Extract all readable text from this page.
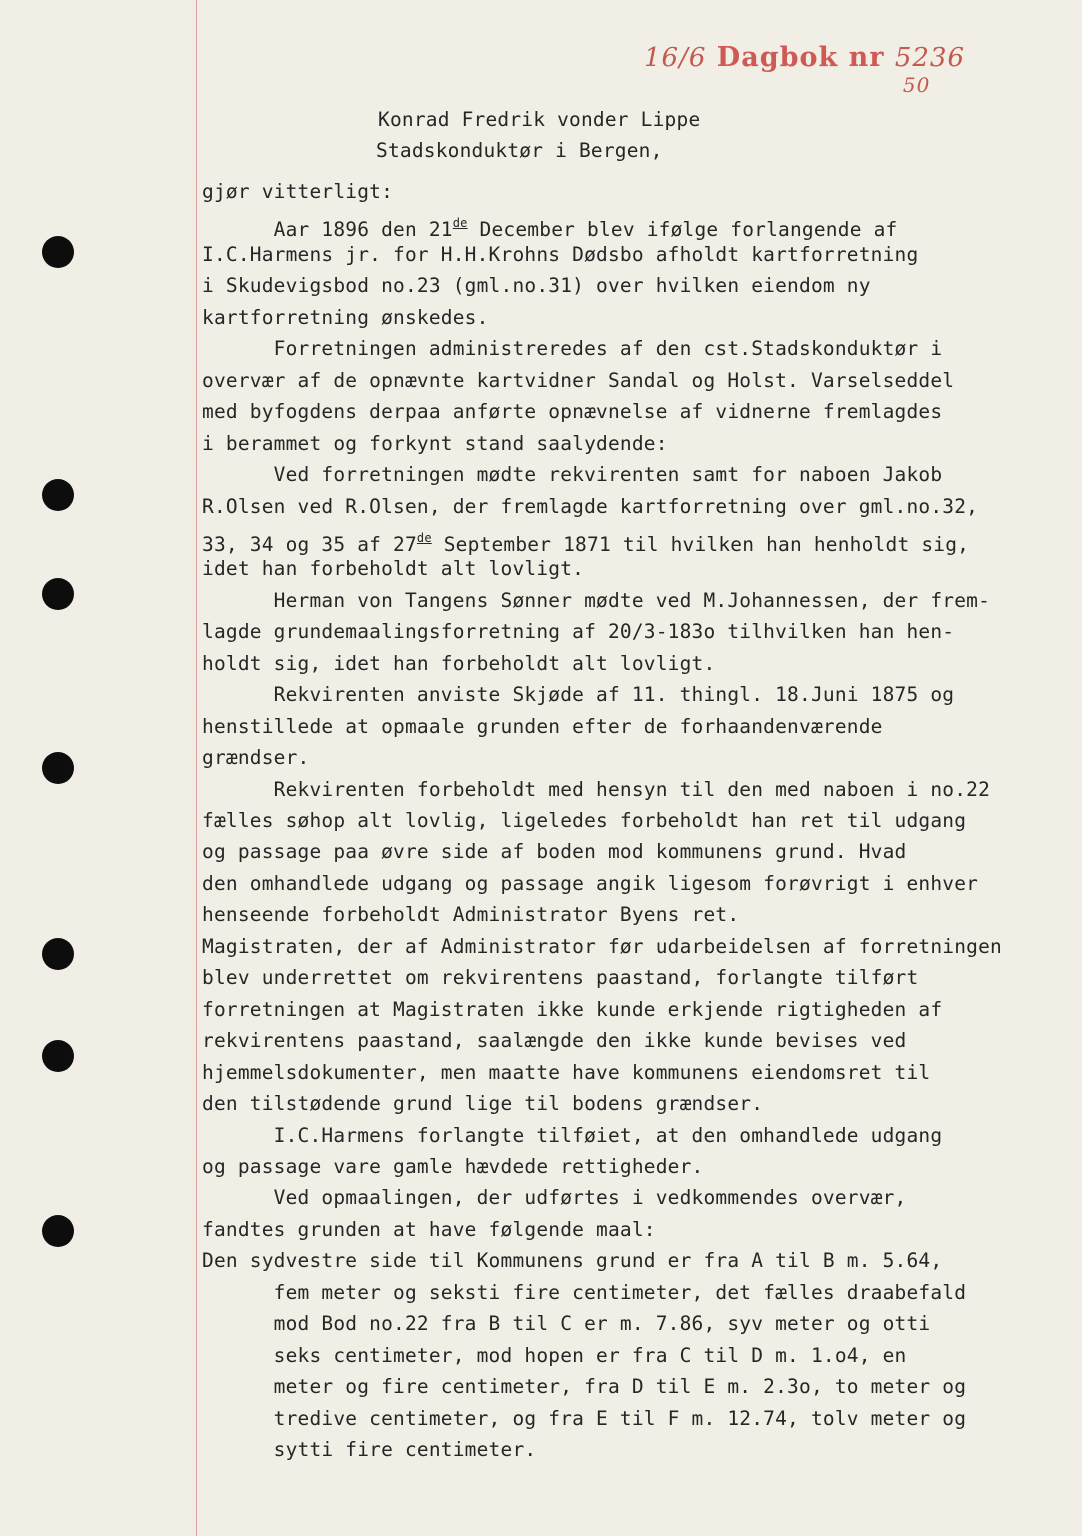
16/6 Dagbok nr 5236
50
Konrad Fredrik vonder Lippe
Stadskonduktør i Bergen,
gjør vitterligt:
Aar 1896 den 21de December blev ifølge forlangende af
I.C.Harmens jr. for H.H.Krohns Dødsbo afholdt kartforretning
i Skudevigsbod no.23 (gml.no.31) over hvilken eiendom ny
kartforretning ønskedes.
Forretningen administreredes af den cst.Stadskonduktør i
overvær af de opnævnte kartvidner Sandal og Holst. Varselseddel
med byfogdens derpaa anførte opnævnelse af vidnerne fremlagdes
i berammet og forkynt stand saalydende:
Ved forretningen mødte rekvirenten samt for naboen Jakob
R.Olsen ved R.Olsen, der fremlagde kartforretning over gml.no.32,
33, 34 og 35 af 27de September 1871 til hvilken han henholdt sig,
idet han forbeholdt alt lovligt.
Herman von Tangens Sønner mødte ved M.Johannessen, der frem-
lagde grundemaalingsforretning af 20/3-183o tilhvilken han hen-
holdt sig, idet han forbeholdt alt lovligt.
Rekvirenten anviste Skjøde af 11. thingl. 18.Juni 1875 og
henstillede at opmaale grunden efter de forhaandenværende
grændser.
Rekvirenten forbeholdt med hensyn til den med naboen i no.22
fælles søhop alt lovlig, ligeledes forbeholdt han ret til udgang
og passage paa øvre side af boden mod kommunens grund. Hvad
den omhandlede udgang og passage angik ligesom forøvrigt i enhver
henseende forbeholdt Administrator Byens ret.
Magistraten, der af Administrator før udarbeidelsen af forretningen
blev underrettet om rekvirentens paastand, forlangte tilført
forretningen at Magistraten ikke kunde erkjende rigtigheden af
rekvirentens paastand, saalængde den ikke kunde bevises ved
hjemmelsdokumenter, men maatte have kommunens eiendomsret til
den tilstødende grund lige til bodens grændser.
I.C.Harmens forlangte tilføiet, at den omhandlede udgang
og passage vare gamle hævdede rettigheder.
Ved opmaalingen, der udførtes i vedkommendes overvær,
fandtes grunden at have følgende maal:
Den sydvestre side til Kommunens grund er fra A til B m. 5.64,
fem meter og seksti fire centimeter, det fælles draabefald
mod Bod no.22 fra B til C er m. 7.86, syv meter og otti
seks centimeter, mod hopen er fra C til D m. 1.o4, en
meter og fire centimeter, fra D til E m. 2.3o, to meter og
tredive centimeter, og fra E til F m. 12.74, tolv meter og
sytti fire centimeter.
